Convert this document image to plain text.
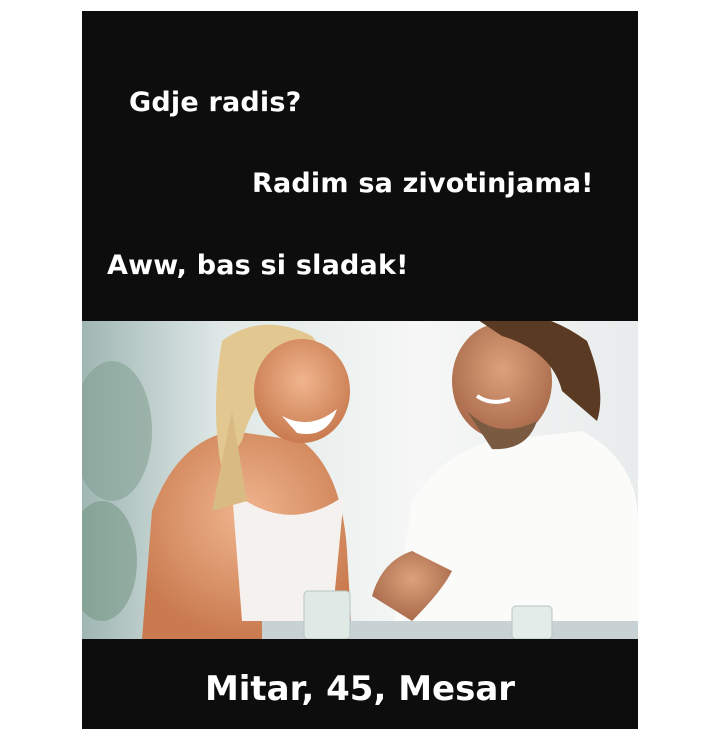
Gdje radis?
Radim sa zivotinjama!
Aww, bas si sladak!
Mitar, 45, Mesar
